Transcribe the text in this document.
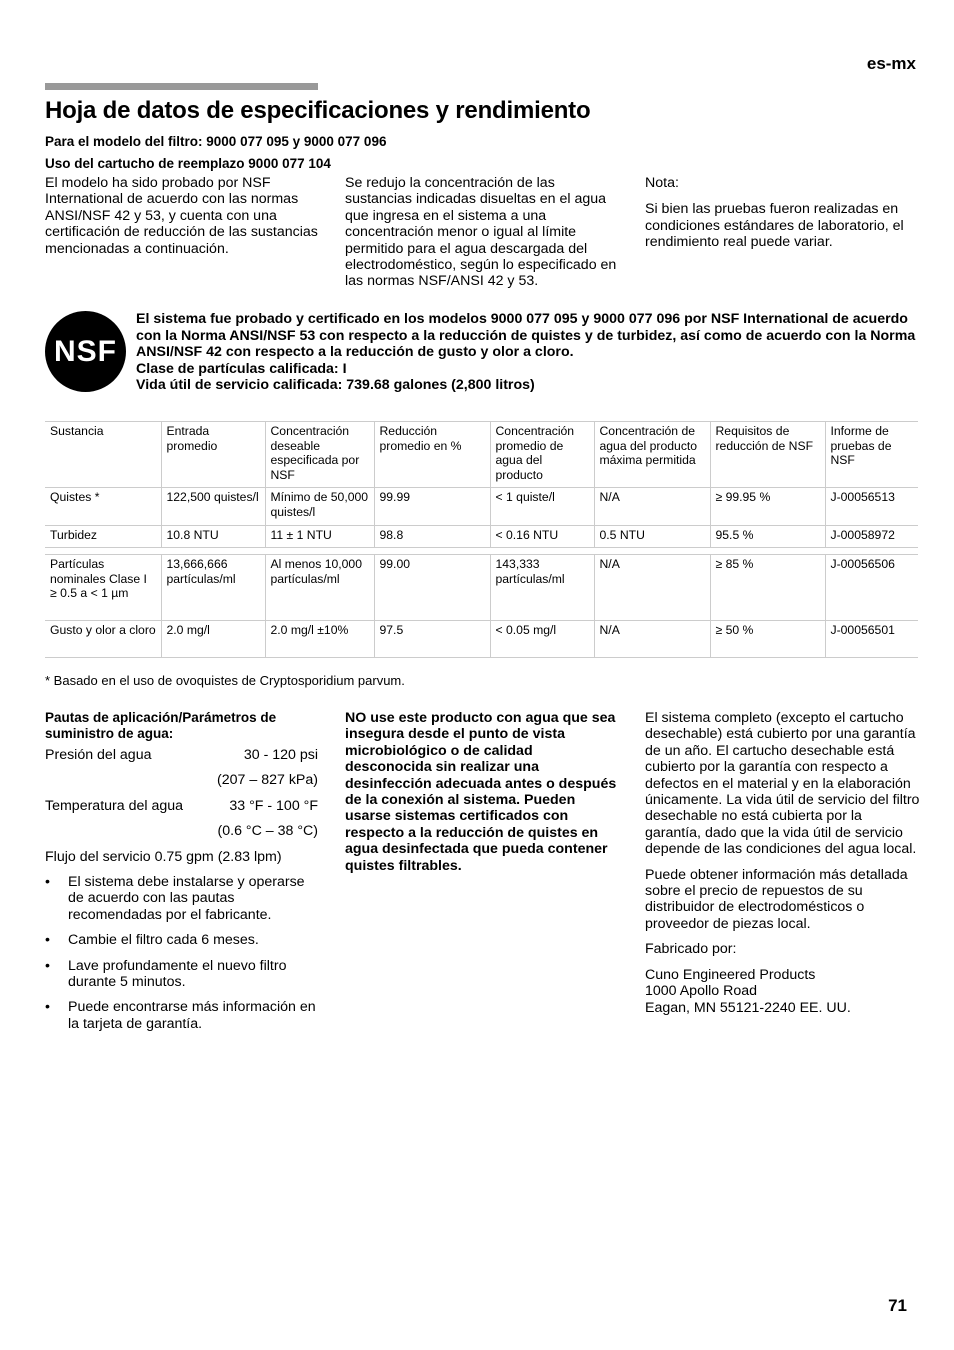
es-mx
Hoja de datos de especificaciones y rendimiento
Para el modelo del filtro: 9000 077 095 y 9000 077 096
Uso del cartucho de reemplazo 9000 077 104
El modelo ha sido probado por NSF International de acuerdo con las normas ANSI/NSF 42 y 53, y cuenta con una certificación de reducción de las sustancias mencionadas a continuación.
Se redujo la concentración de las sustancias indicadas disueltas en el agua que ingresa en el sistema a una concentración menor o igual al límite permitido para el agua descargada del electrodoméstico, según lo especificado en las normas NSF/ANSI 42 y 53.
Nota:
Si bien las pruebas fueron realizadas en condiciones estándares de laboratorio, el rendimiento real puede variar.
NSF
El sistema fue probado y certificado en los modelos 9000 077 095 y 9000 077 096 por NSF International de acuerdo con la Norma ANSI/NSF 53 con respecto a la reducción de quistes y de turbidez, así como de acuerdo con la Norma ANSI/NSF 42 con respecto a la reducción de gusto y olor a cloro.
Clase de partículas calificada: I
Vida útil de servicio calificada: 739.68 galones (2,800 litros)
Sustancia	Entrada promedio	Concentración deseable especificada por NSF	Reducción promedio en %	Concentración promedio de agua del producto	Concentración de agua del producto máxima permitida	Requisitos de reducción de NSF	Informe de pruebas de NSF
Quistes *	122,500 quistes/l	Mínimo de 50,000 quistes/l	99.99	< 1 quiste/l	N/A	≥ 99.95 %	J-00056513
Turbidez	10.8 NTU	11 ± 1 NTU	98.8	< 0.16 NTU	0.5 NTU	95.5 %	J-00058972

Partículas nominales Clase I ≥ 0.5 a < 1 µm	13,666,666 partículas/ml	Al menos 10,000 partículas/ml	99.00	143,333 partículas/ml	N/A	≥ 85 %	J-00056506
Gusto y olor a cloro	2.0 mg/l	2.0 mg/l ±10%	97.5	< 0.05 mg/l	N/A	≥ 50 %	J-00056501
* Basado en el uso de ovoquistes de Cryptosporidium parvum.
Pautas de aplicación/Parámetros de suministro de agua:
Presión del agua	30 - 120 psi
(207 – 827 kPa)
Temperatura del agua	33 °F - 100 °F
(0.6 °C – 38 °C)
Flujo del servicio 0.75 gpm (2.83 lpm)
• El sistema debe instalarse y operarse de acuerdo con las pautas recomendadas por el fabricante.
• Cambie el filtro cada 6 meses.
• Lave profundamente el nuevo filtro durante 5 minutos.
• Puede encontrarse más información en la tarjeta de garantía.
NO use este producto con agua que sea insegura desde el punto de vista microbiológico o de calidad desconocida sin realizar una desinfección adecuada antes o después de la conexión al sistema. Pueden usarse sistemas certificados con respecto a la reducción de quistes en agua desinfectada que pueda contener quistes filtrables.
El sistema completo (excepto el cartucho desechable) está cubierto por una garantía de un año. El cartucho desechable está cubierto por la garantía con respecto a defectos en el material y en la elaboración únicamente. La vida útil de servicio del filtro desechable no está cubierta por la garantía, dado que la vida útil de servicio depende de las condiciones del agua local.
Puede obtener información más detallada sobre el precio de repuestos de su distribuidor de electrodomésticos o proveedor de piezas local.
Fabricado por:
Cuno Engineered Products
1000 Apollo Road
Eagan, MN 55121-2240 EE. UU.
71
